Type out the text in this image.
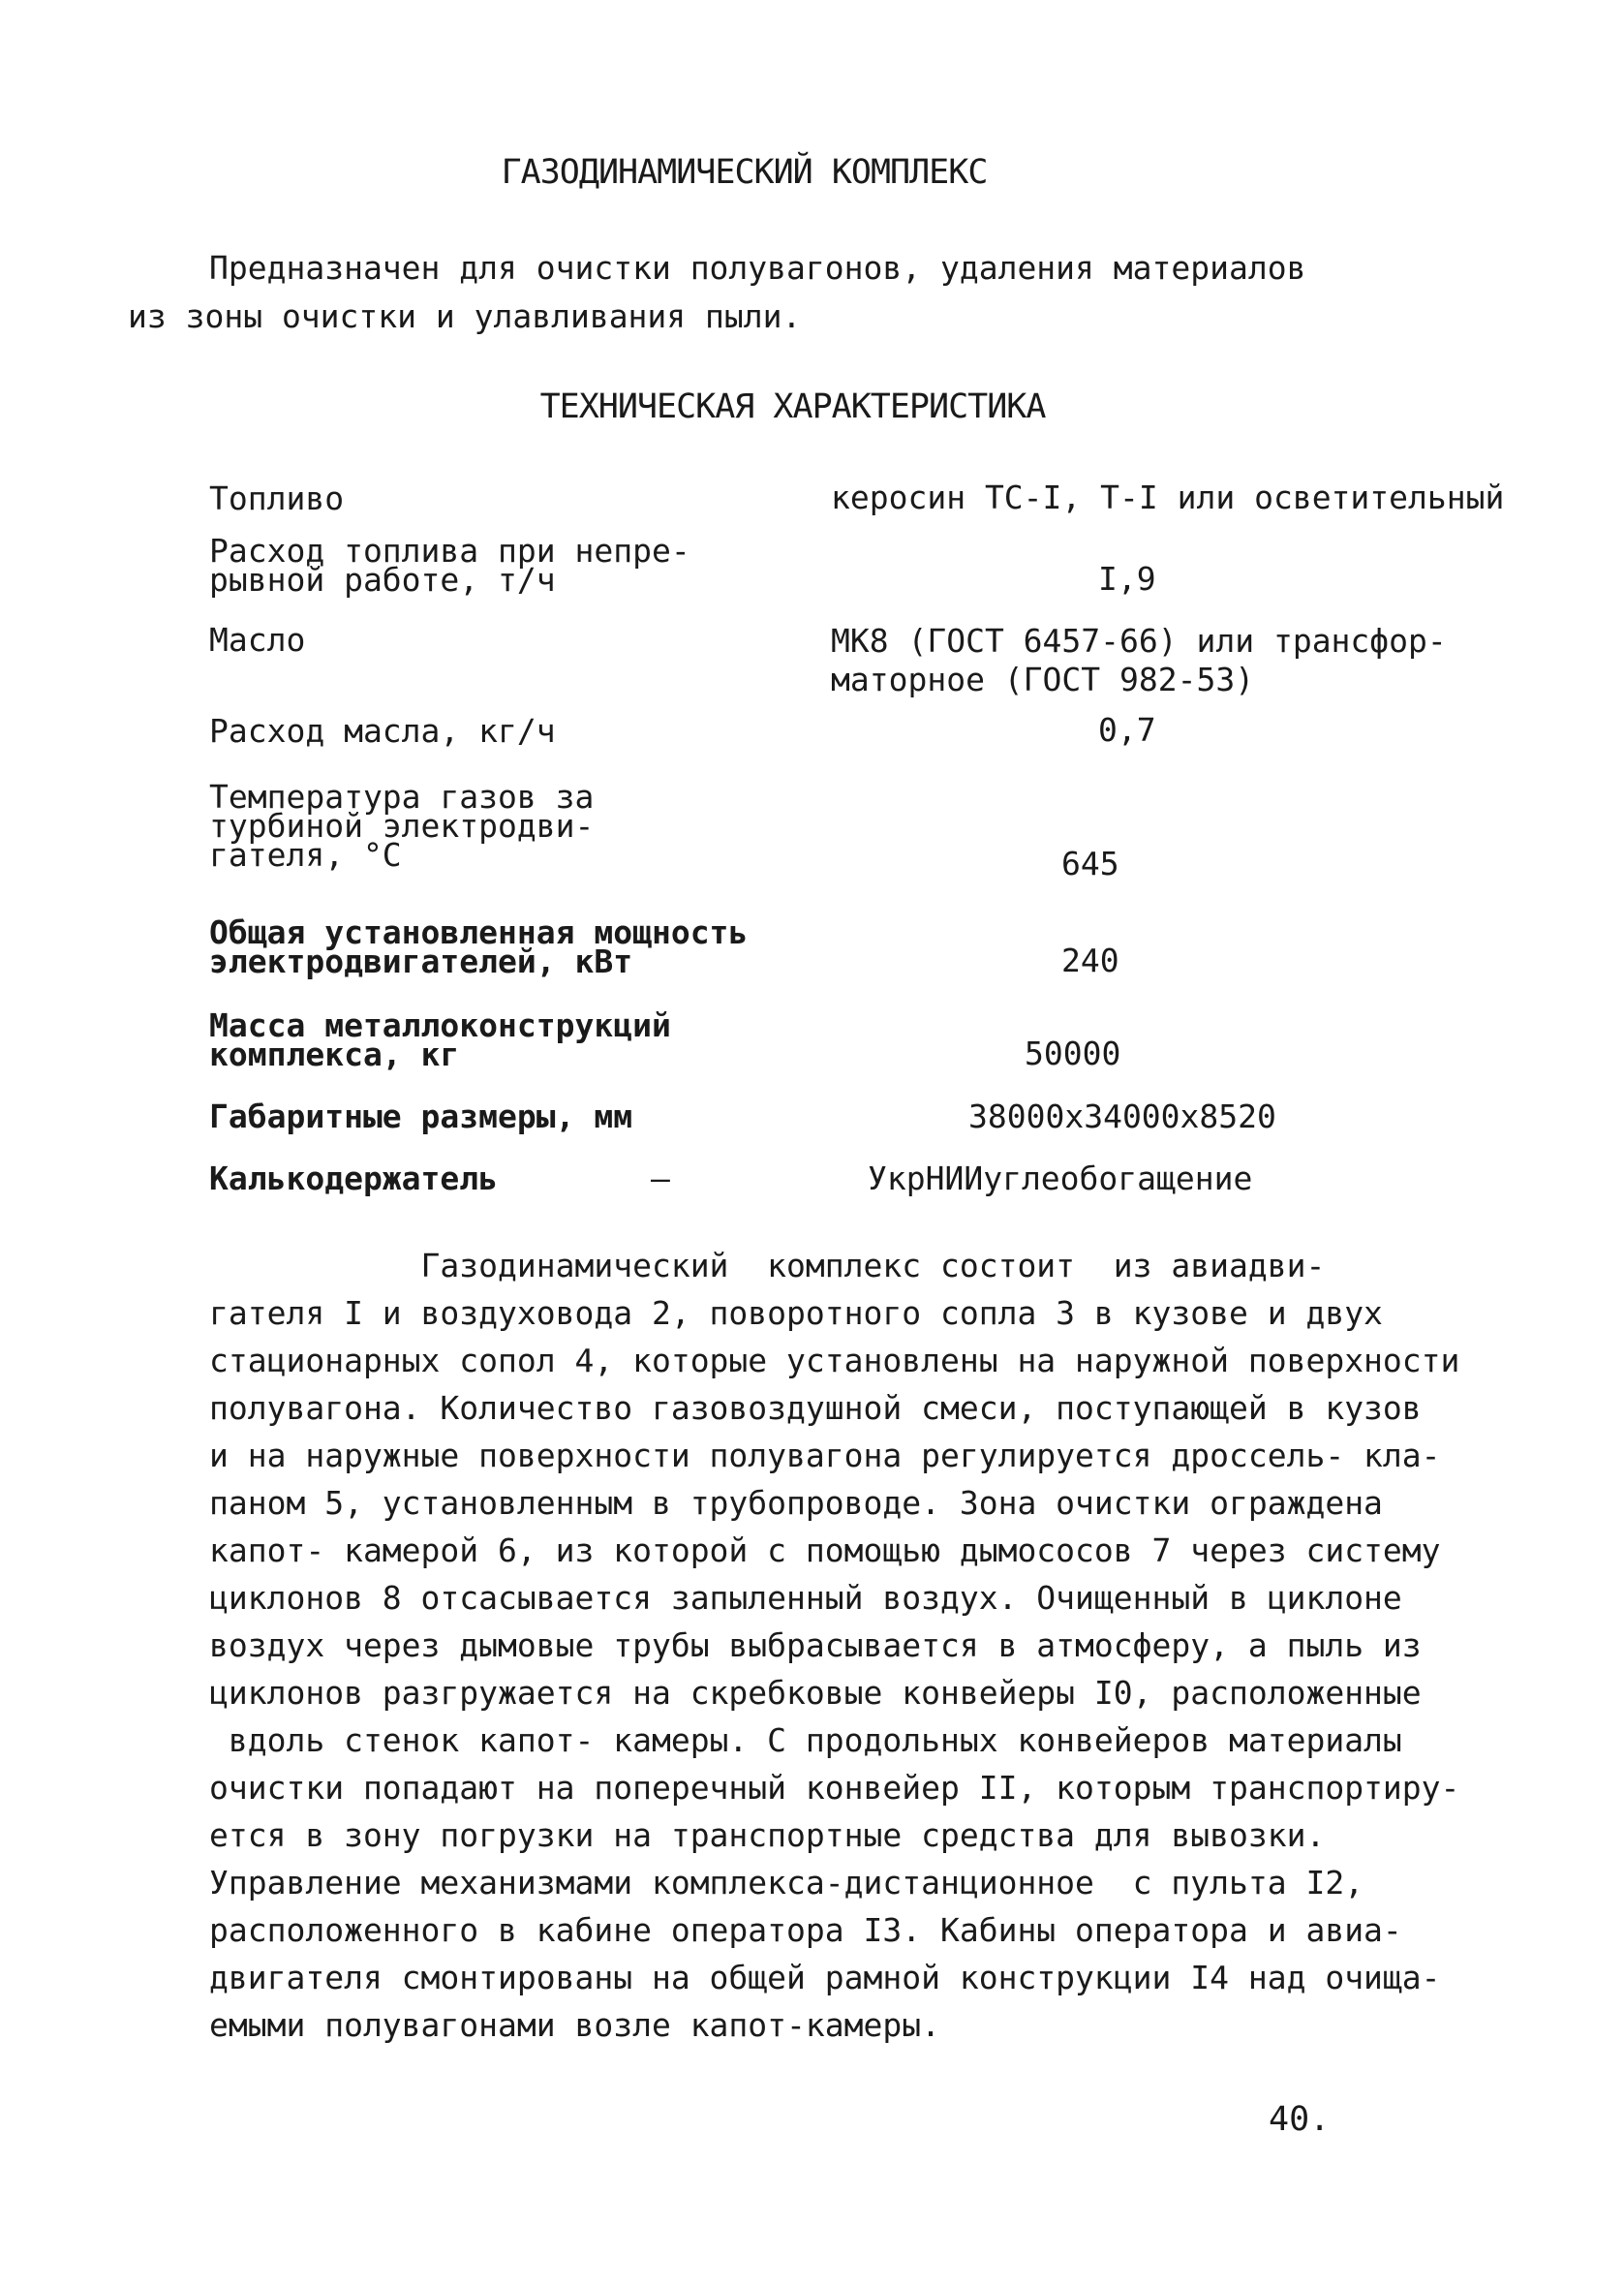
ГАЗОДИНАМИЧЕСКИЙ КОМПЛЕКС
Предназначен для очистки полувагонов, удаления материалов
из зоны очистки и улавливания пыли.
ТЕХНИЧЕСКАЯ ХАРАКТЕРИСТИКА
Топливо	керосин ТС-I, Т-I или осветительный
Расход топлива при непре-
рывной работе, т/ч	I,9
Масло	МК8 (ГОСТ 6457-66) или трансфор-
маторное (ГОСТ 982-53)
Расход масла, кг/ч	0,7
Температура газов за
турбиной электродви-
гателя, °С	645
Общая установленная мощность
электродвигателей, кВт	240
Масса металлоконструкций
комплекса, кг	50000
Габаритные размеры, мм	38000х34000х8520
Калькодержатель	—	УкрНИИуглеобогащение
Газодинамический  комплекс состоит  из авиадви-
гателя I и воздуховода 2, поворотного сопла 3 в кузове и двух
стационарных сопол 4, которые установлены на наружной поверхности
полувагона. Количество газовоздушной смеси, поступающей в кузов
и на наружные поверхности полувагона регулируется дроссель- кла-
паном 5, установленным в трубопроводе. Зона очистки ограждена
капот- камерой 6, из которой с помощью дымососов 7 через систему
циклонов 8 отсасывается запыленный воздух. Очищенный в циклоне
воздух через дымовые трубы выбрасывается в атмосферу, а пыль из
циклонов разгружается на скребковые конвейеры I0, расположенные
вдоль стенок капот- камеры. С продольных конвейеров материалы
очистки попадают на поперечный конвейер II, которым транспортиру-
ется в зону погрузки на транспортные средства для вывозки.
Управление механизмами комплекса-дистанционное  с пульта I2,
расположенного в кабине оператора I3. Кабины оператора и авиа-
двигателя смонтированы на общей рамной конструкции I4 над очища-
емыми полувагонами возле капот-камеры.
40.
